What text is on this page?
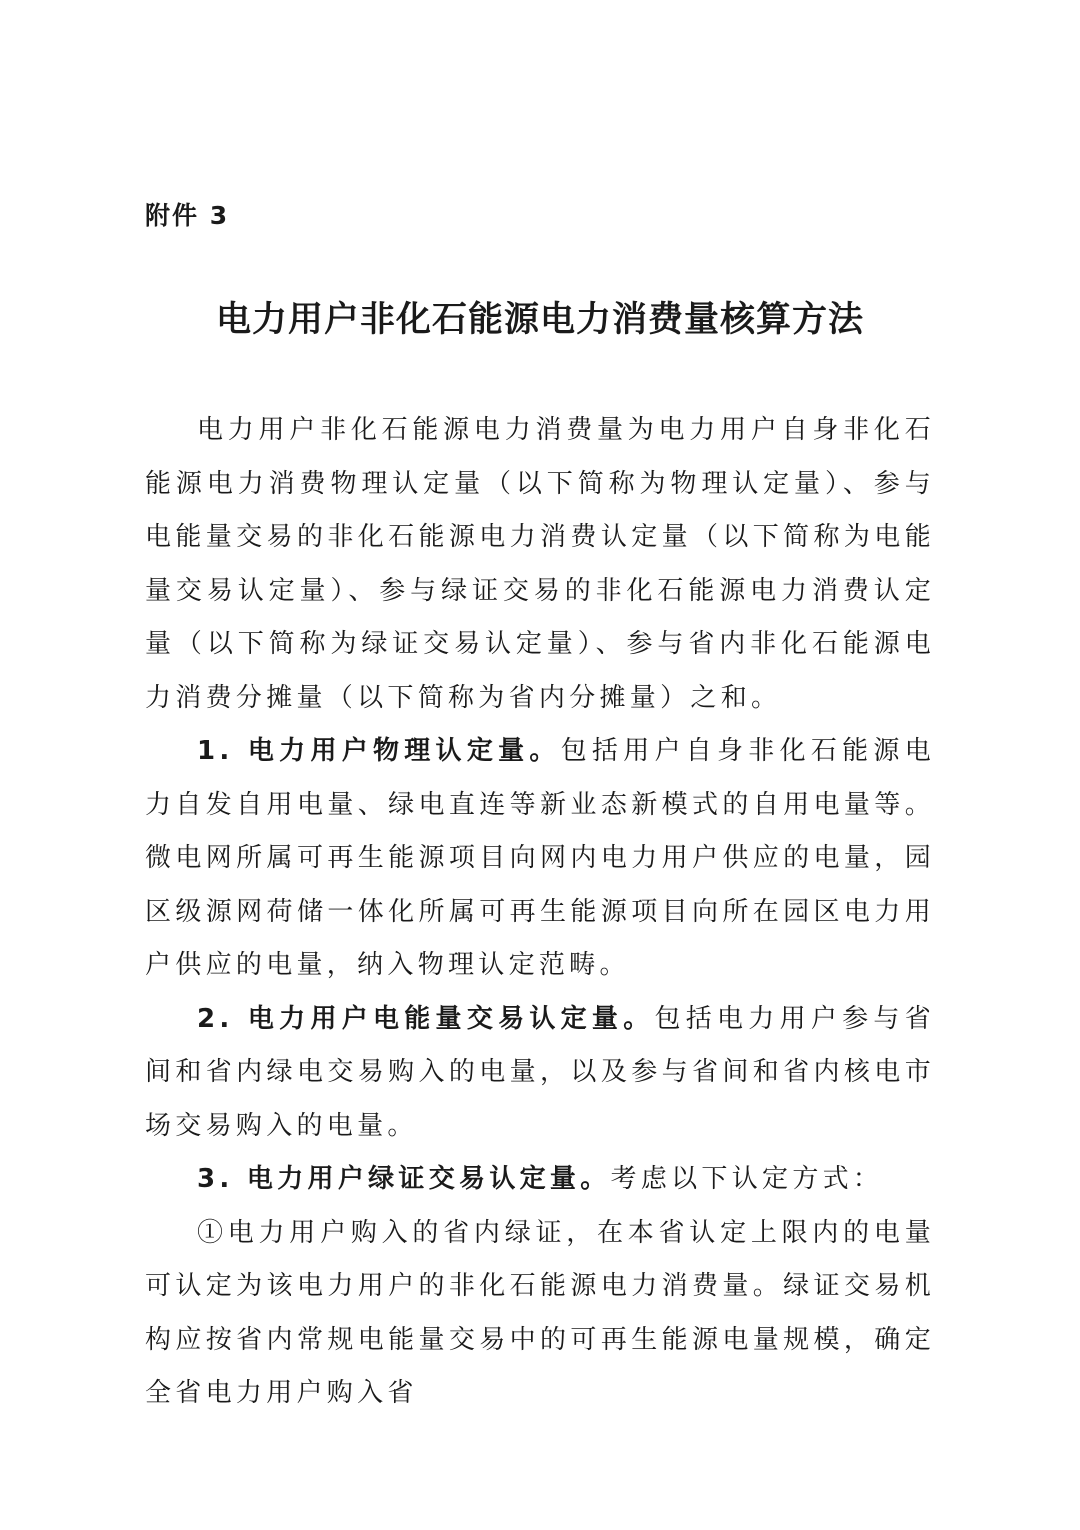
附件 3

电力用户非化石能源电力消费量核算方法

电力用户非化石能源电力消费量为电力用户自身非化石能源电力消费物理认定量（以下简称为物理认定量）、参与电能量交易的非化石能源电力消费认定量（以下简称为电能量交易认定量）、参与绿证交易的非化石能源电力消费认定量（以下简称为绿证交易认定量）、参与省内非化石能源电力消费分摊量（以下简称为省内分摊量）之和。

1. 电力用户物理认定量。包括用户自身非化石能源电力自发自用电量、绿电直连等新业态新模式的自用电量等。微电网所属可再生能源项目向网内电力用户供应的电量，园区级源网荷储一体化所属可再生能源项目向所在园区电力用户供应的电量，纳入物理认定范畴。

2. 电力用户电能量交易认定量。包括电力用户参与省间和省内绿电交易购入的电量，以及参与省间和省内核电市场交易购入的电量。

3. 电力用户绿证交易认定量。考虑以下认定方式：

①电力用户购入的省内绿证，在本省认定上限内的电量可认定为该电力用户的非化石能源电力消费量。绿证交易机构应按省内常规电能量交易中的可再生能源电量规模，确定全省电力用户购入省
